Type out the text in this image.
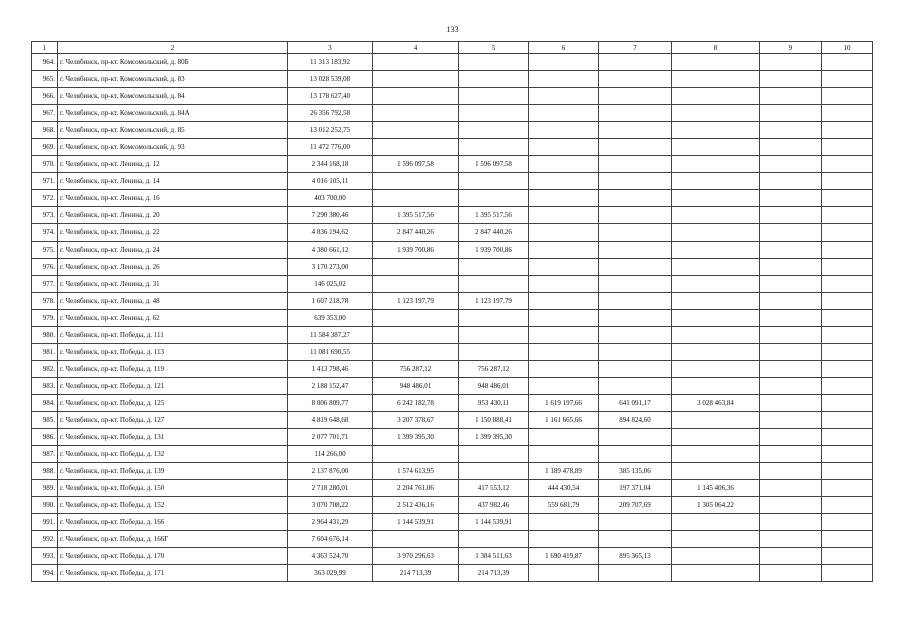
133
1	2	3	4	5	6	7	8	9	10
964.	г. Челябинск, пр-кт. Комсомольский, д. 80Б	11 313 183,92							
965.	г. Челябинск, пр-кт. Комсомольский, д. 83	13 028 539,08							
966.	г. Челябинск, пр-кт. Комсомольский, д. 84	13 178 627,40							
967.	г. Челябинск, пр-кт. Комсомольский, д. 84А	26 356 792,58							
968.	г. Челябинск, пр-кт. Комсомольский, д. 85	13 012 252,75							
969.	г. Челябинск, пр-кт. Комсомольский, д. 93	11 472 776,00							
970.	г. Челябинск, пр-кт. Ленина, д. 12	2 344 168,18	1 596 097,58	1 596 097,58					
971.	г. Челябинск, пр-кт. Ленина, д. 14	4 016 105,11							
972.	г. Челябинск, пр-кт. Ленина, д. 16	403 700,00							
973.	г. Челябинск, пр-кт. Ленина, д. 20	7 290 380,46	1 395 517,56	1 395 517,56					
974.	г. Челябинск, пр-кт. Ленина, д. 22	4 836 194,62	2 847 440,26	2 847 440,26					
975.	г. Челябинск, пр-кт. Ленина, д. 24	4 380 661,12	1 939 700,86	1 939 700,86					
976.	г. Челябинск, пр-кт. Ленина, д. 26	3 170 273,00							
977.	г. Челябинск, пр-кт. Ленина, д. 31	146 025,02							
978.	г. Челябинск, пр-кт. Ленина, д. 48	1 607 218,78	1 123 197,79	1 123 197,79					
979.	г. Челябинск, пр-кт. Ленина, д. 62	639 353,00							
980.	г. Челябинск, пр-кт. Победы, д. 111	11 584 387,27							
981.	г. Челябинск, пр-кт. Победы, д. 113	11 081 690,55							
982.	г. Челябинск, пр-кт. Победы, д. 119	1 413 798,46	756 287,12	756 287,12					
983.	г. Челябинск, пр-кт. Победы, д. 121	2 188 152,47	948 486,01	948 486,01					
984.	г. Челябинск, пр-кт. Победы, д. 125	8 006 809,77	6 242 182,78	953 430,11	1 619 197,66	641 091,17	3 028 463,84		
985.	г. Челябинск, пр-кт. Победы, д. 127	4 819 648,68	3 207 378,67	1 150 888,41	1 161 665,66	894 824,60			
986.	г. Челябинск, пр-кт. Победы, д. 131	2 077 701,71	1 399 395,30	1 399 395,30					
987.	г. Челябинск, пр-кт. Победы, д. 132	114 266,00							
988.	г. Челябинск, пр-кт. Победы, д. 139	2 137 876,00	1 574 613,95		1 189 478,89	385 135,06			
989.	г. Челябинск, пр-кт. Победы, д. 150	2 718 280,01	2 204 761,06	417 553,12	444 430,54	197 371,04	1 145 406,36		
990.	г. Челябинск, пр-кт. Победы, д. 152	3 070 708,22	2 512 436,16	437 982,46	559 681,79	209 707,69	1 305 064,22		
991.	г. Челябинск, пр-кт. Победы, д. 166	2 964 431,29	1 144 539,91	1 144 539,91					
992.	г. Челябинск, пр-кт. Победы, д. 166Г	7 604 676,14							
993.	г. Челябинск, пр-кт. Победы, д. 170	4 363 524,70	3 970 296,63	1 384 511,63	1 690 419,87	895 365,13			
994.	г. Челябинск, пр-кт. Победы, д. 171	363 029,99	214 713,39	214 713,39					
